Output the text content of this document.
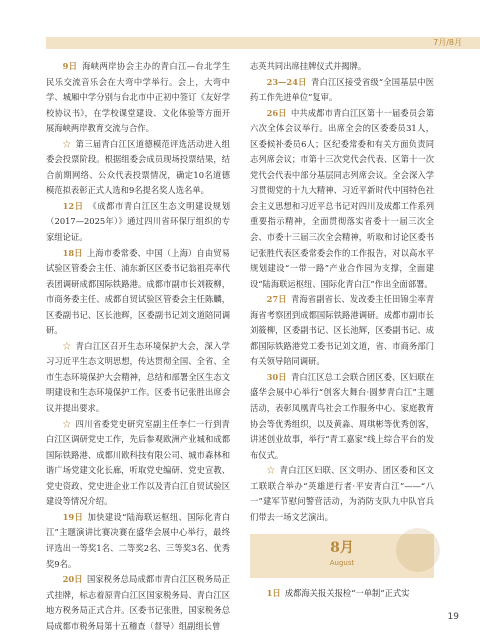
7月/8月

9日  海峡两岸协会主办的青白江—台北学生民乐交流音乐会在大弯中学举行。会上，大弯中学、城厢中学分别与台北市中正初中签订《友好学校协议书》，在学校课堂建设、文化体验等方面开展海峡两岸教育交流与合作。

☆  第三届青白江区道德模范评选活动进入组委会投票阶段。根据组委会成员现场投票结果，结合前期网络、公众代表投票情况，确定10名道德模范拟表彰正式人选和9名提名奖人选名单。

12日  《成都市青白江区生态文明建设规划（2017—2025年）》通过四川省环保厅组织的专家组论证。

18日  上海市委常委、中国（上海）自由贸易试验区管委会主任、浦东新区区委书记翁祖亮率代表团调研成都国际铁路港。成都市副市长刘筱柳，市商务委主任、成都自贸试验区管委会主任陈麟，区委副书记、区长池辉，区委副书记刘文道陪同调研。

☆  青白江区召开生态环境保护大会，深入学习习近平生态文明思想，传达贯彻全国、全省、全市生态环境保护大会精神，总结和部署全区生态文明建设和生态环境保护工作。区委书记张胜出席会议并提出要求。

☆  四川省委党史研究室副主任李仁一行到青白江区调研党史工作，先后参观欧洲产业城和成都国际铁路港、成都川欧科技有限公司、城市森林和谐广场党建文化长廊，听取党史编研、党史宣教、党史资政、党史进企业工作以及青白江自贸试验区建设等情况介绍。

19日  加快建设“陆海联运枢纽、国际化青白江”主题演讲比赛决赛在盛华会展中心举行，最终评选出一等奖1名、二等奖2名、三等奖3名、优秀奖9名。

20日  国家税务总局成都市青白江区税务局正式挂牌，标志着原青白江区国家税务局、青白江区地方税务局正式合并。区委书记张胜，国家税务总局成都市税务局第十五稽查（督导）组副组长曾

志英共同出席挂牌仪式并揭牌。

23—24日  青白江区接受省级“全国基层中医药工作先进单位”复审。

26日  中共成都市青白江区第十一届委员会第六次全体会议举行。出席全会的区委委员31人，区委候补委员6人；区纪委常委和有关方面负责同志列席会议；市第十三次党代会代表、区第十一次党代会代表中部分基层同志列席会议。全会深入学习贯彻党的十九大精神、习近平新时代中国特色社会主义思想和习近平总书记对四川及成都工作系列重要指示精神，全面贯彻落实省委十一届三次全会、市委十三届三次全会精神，听取和讨论区委书记张胜代表区委常委会作的工作报告，对以高水平规划建设“一带一路”产业合作园为支撑，全面建设“陆海联运枢纽、国际化青白江”作出全面部署。

27日  青海省副省长、发改委主任田锦尘率青海省考察团到成都国际铁路港调研。成都市副市长刘筱柳，区委副书记、区长池辉，区委副书记、成都国际铁路港党工委书记刘文道，省、市商务部门有关领导陪同调研。

30日  青白江区总工会联合团区委、区妇联在盛华会展中心举行“创客大舞台·圆梦青白江”主题活动，表彰凤凰青鸟社会工作服务中心、家庭教育协会等优秀组织，以及黄淼、周琪彬等优秀创客，讲述创业故事，举行“青工嘉家”线上综合平台的发布仪式。

☆  青白江区妇联、区文明办、团区委和区文工联联合举办“英雄逆行者·平安青白江”——“八一”建军节慰问警营活动，为消防支队九中队官兵们带去一场文艺演出。

8月
August

1日  成都海关报关报检“一单制”正式实

19
